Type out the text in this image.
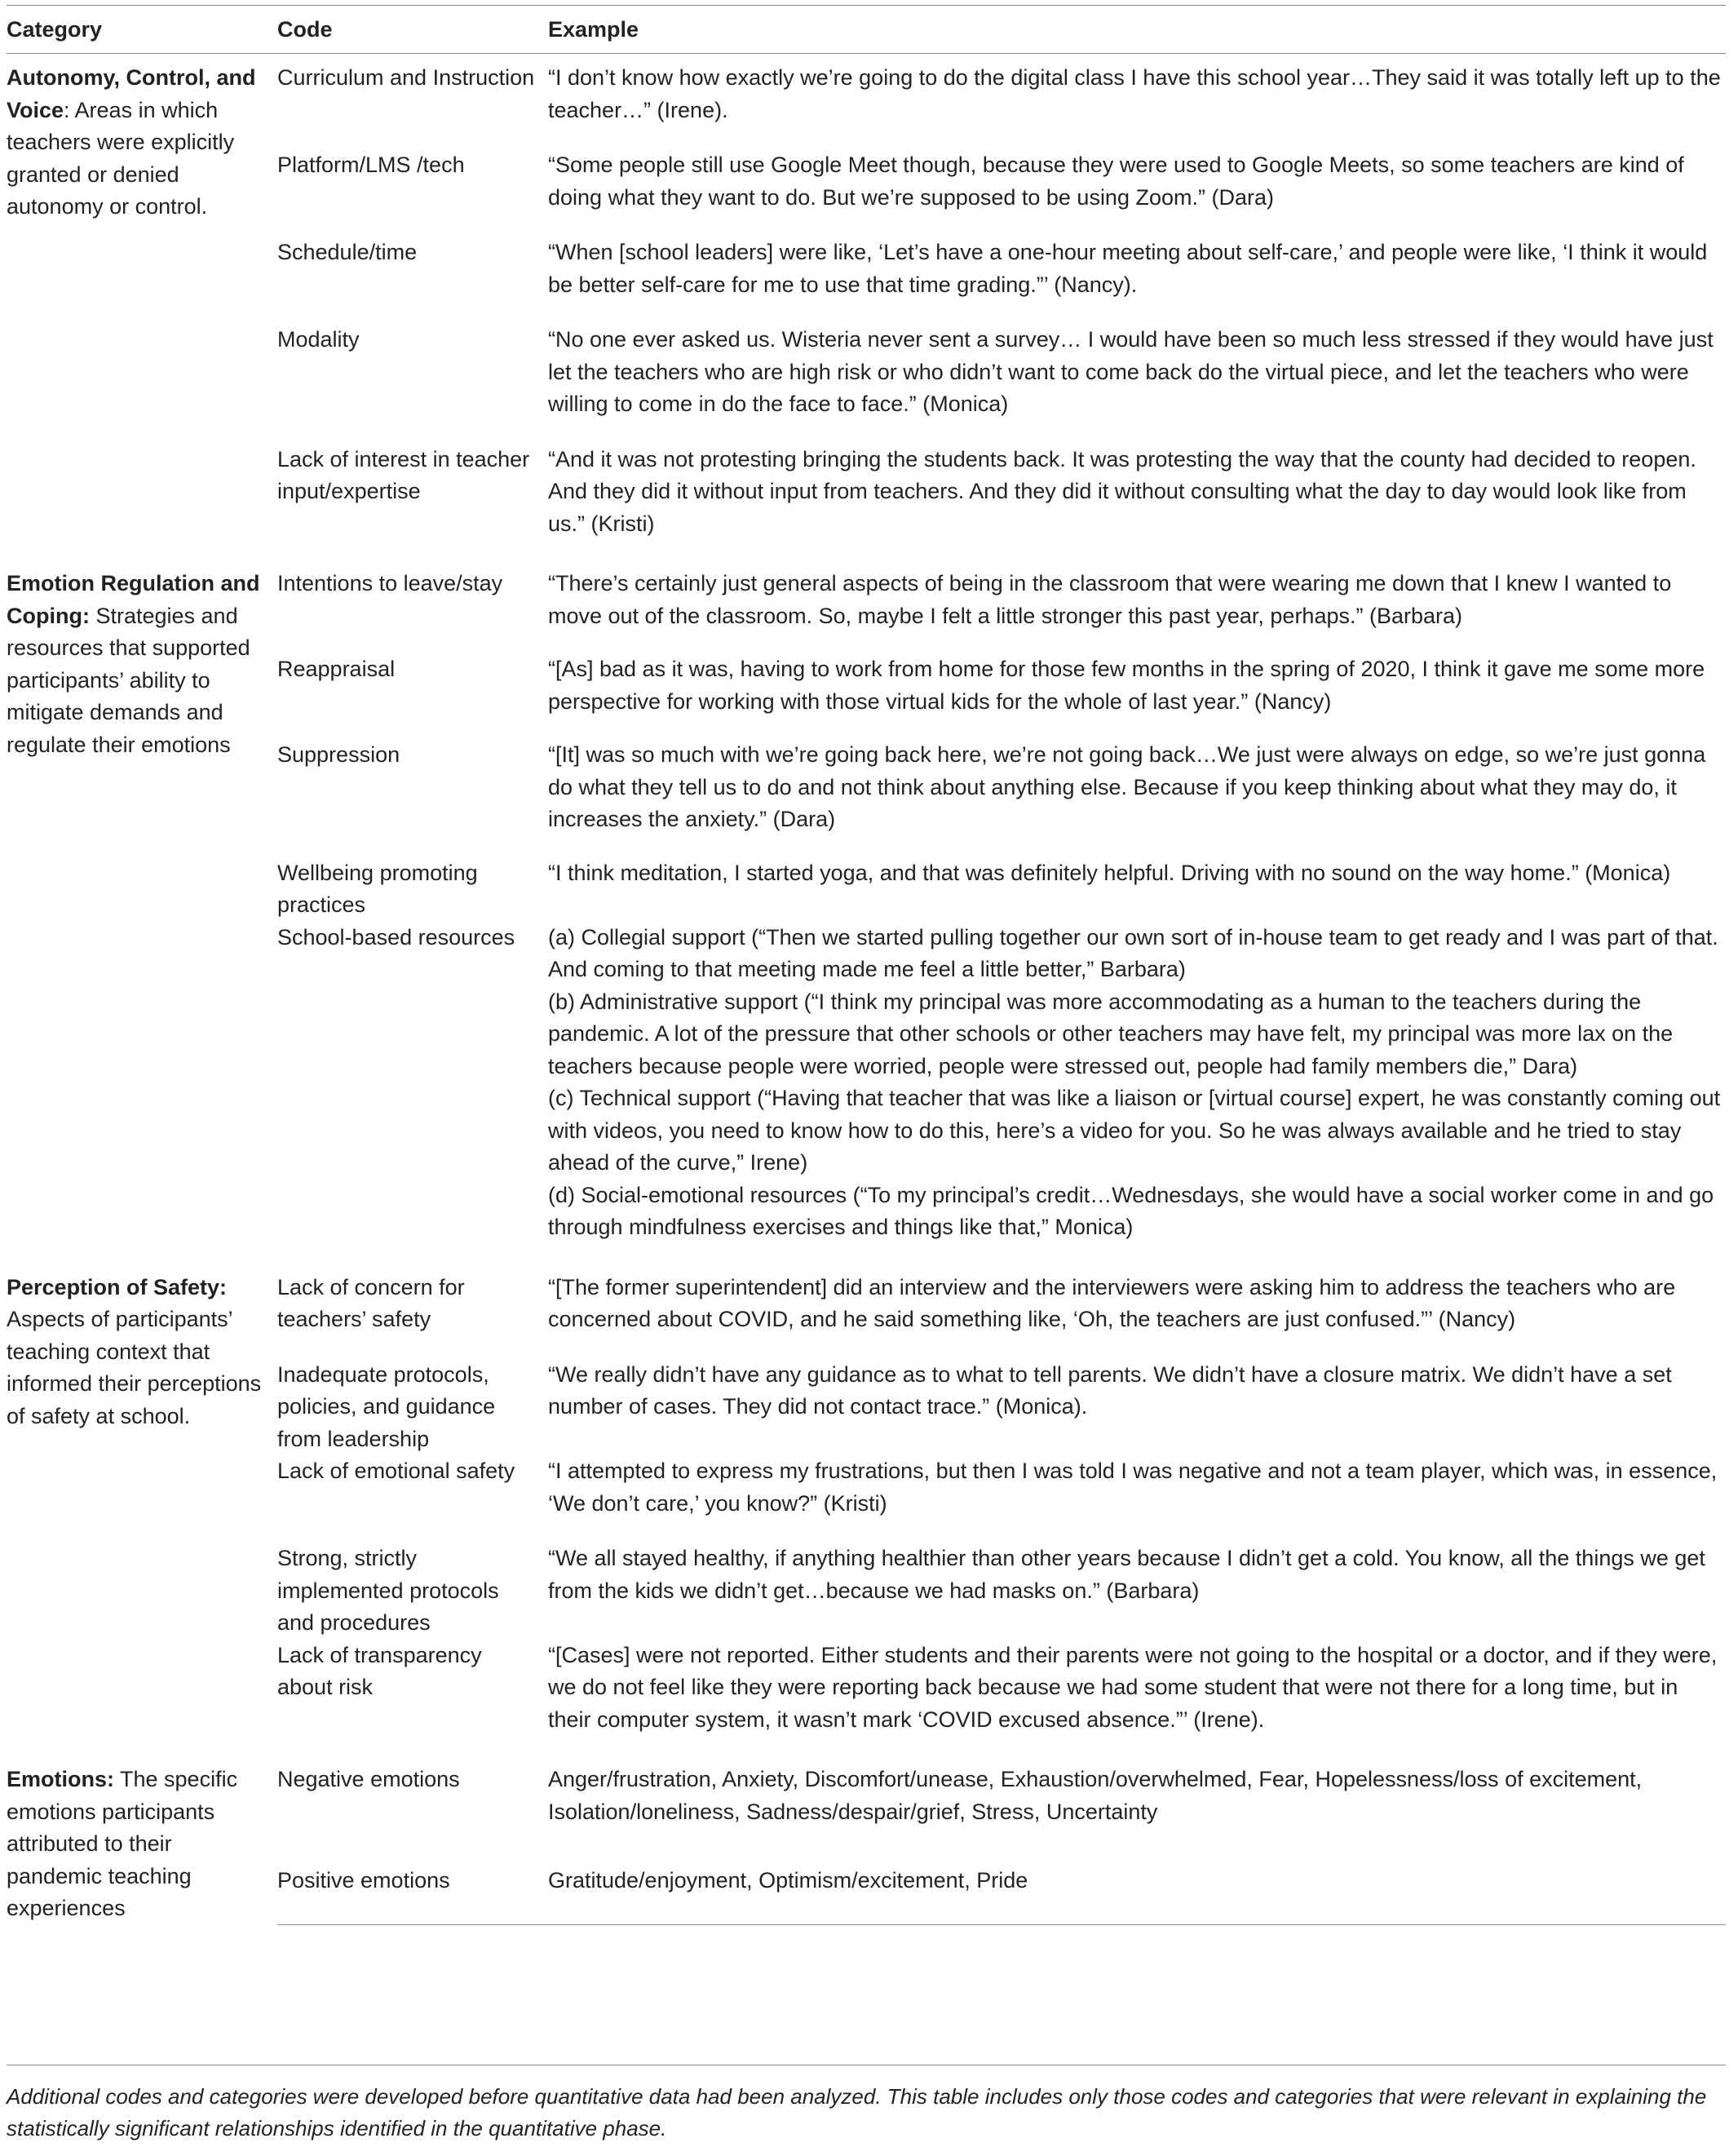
Category	Code	Example
Autonomy, Control, and Voice: Areas in which teachers were explicitly granted or denied autonomy or control.	Curriculum and Instruction	“I don’t know how exactly we’re going to do the digital class I have this school year…They said it was totally left up to the teacher…” (Irene).
	Platform/LMS /tech	“Some people still use Google Meet though, because they were used to Google Meets, so some teachers are kind of doing what they want to do. But we’re supposed to be using Zoom.” (Dara)
	Schedule/time	“When [school leaders] were like, ‘Let’s have a one-hour meeting about self-care,’ and people were like, ‘I think it would be better self-care for me to use that time grading.”’ (Nancy).
	Modality	“No one ever asked us. Wisteria never sent a survey… I would have been so much less stressed if they would have just let the teachers who are high risk or who didn’t want to come back do the virtual piece, and let the teachers who were willing to come in do the face to face.” (Monica)
	Lack of interest in teacher input/expertise	“And it was not protesting bringing the students back. It was protesting the way that the county had decided to reopen. And they did it without input from teachers. And they did it without consulting what the day to day would look like from us.” (Kristi)
Emotion Regulation and Coping: Strategies and resources that supported participants’ ability to mitigate demands and regulate their emotions	Intentions to leave/stay	“There’s certainly just general aspects of being in the classroom that were wearing me down that I knew I wanted to move out of the classroom. So, maybe I felt a little stronger this past year, perhaps.” (Barbara)
	Reappraisal	“[As] bad as it was, having to work from home for those few months in the spring of 2020, I think it gave me some more perspective for working with those virtual kids for the whole of last year.” (Nancy)
	Suppression	“[It] was so much with we’re going back here, we’re not going back…We just were always on edge, so we’re just gonna do what they tell us to do and not think about anything else. Because if you keep thinking about what they may do, it increases the anxiety.” (Dara)
	Wellbeing promoting practices	“I think meditation, I started yoga, and that was definitely helpful. Driving with no sound on the way home.” (Monica)
	School-based resources	(a) Collegial support (“Then we started pulling together our own sort of in-house team to get ready and I was part of that. And coming to that meeting made me feel a little better,” Barbara)
(b) Administrative support (“I think my principal was more accommodating as a human to the teachers during the pandemic. A lot of the pressure that other schools or other teachers may have felt, my principal was more lax on the teachers because people were worried, people were stressed out, people had family members die,” Dara)
(c) Technical support (“Having that teacher that was like a liaison or [virtual course] expert, he was constantly coming out with videos, you need to know how to do this, here’s a video for you. So he was always available and he tried to stay ahead of the curve,” Irene)
(d) Social-emotional resources (“To my principal’s credit…Wednesdays, she would have a social worker come in and go through mindfulness exercises and things like that,” Monica)

Perception of Safety: Aspects of participants’ teaching context that informed their perceptions of safety at school.	Lack of concern for teachers’ safety	“[The former superintendent] did an interview and the interviewers were asking him to address the teachers who are concerned about COVID, and he said something like, ‘Oh, the teachers are just confused.”’ (Nancy)
	Inadequate protocols, policies, and guidance from leadership	“We really didn’t have any guidance as to what to tell parents. We didn’t have a closure matrix. We didn’t have a set number of cases. They did not contact trace.” (Monica).
	Lack of emotional safety	“I attempted to express my frustrations, but then I was told I was negative and not a team player, which was, in essence, ‘We don’t care,’ you know?” (Kristi)
	Strong, strictly implemented protocols and procedures	“We all stayed healthy, if anything healthier than other years because I didn’t get a cold. You know, all the things we get from the kids we didn’t get…because we had masks on.” (Barbara)
	Lack of transparency about risk	“[Cases] were not reported. Either students and their parents were not going to the hospital or a doctor, and if they were, we do not feel like they were reporting back because we had some student that were not there for a long time, but in their computer system, it wasn’t mark ‘COVID excused absence.”’ (Irene).
Emotions: The specific emotions participants attributed to their pandemic teaching experiences	Negative emotions	Anger/frustration, Anxiety, Discomfort/unease, Exhaustion/overwhelmed, Fear, Hopelessness/loss of excitement, Isolation/loneliness, Sadness/despair/grief, Stress, Uncertainty
	Positive emotions	Gratitude/enjoyment, Optimism/excitement, Pride
Additional codes and categories were developed before quantitative data had been analyzed. This table includes only those codes and categories that were relevant in explaining the statistically significant relationships identified in the quantitative phase.
